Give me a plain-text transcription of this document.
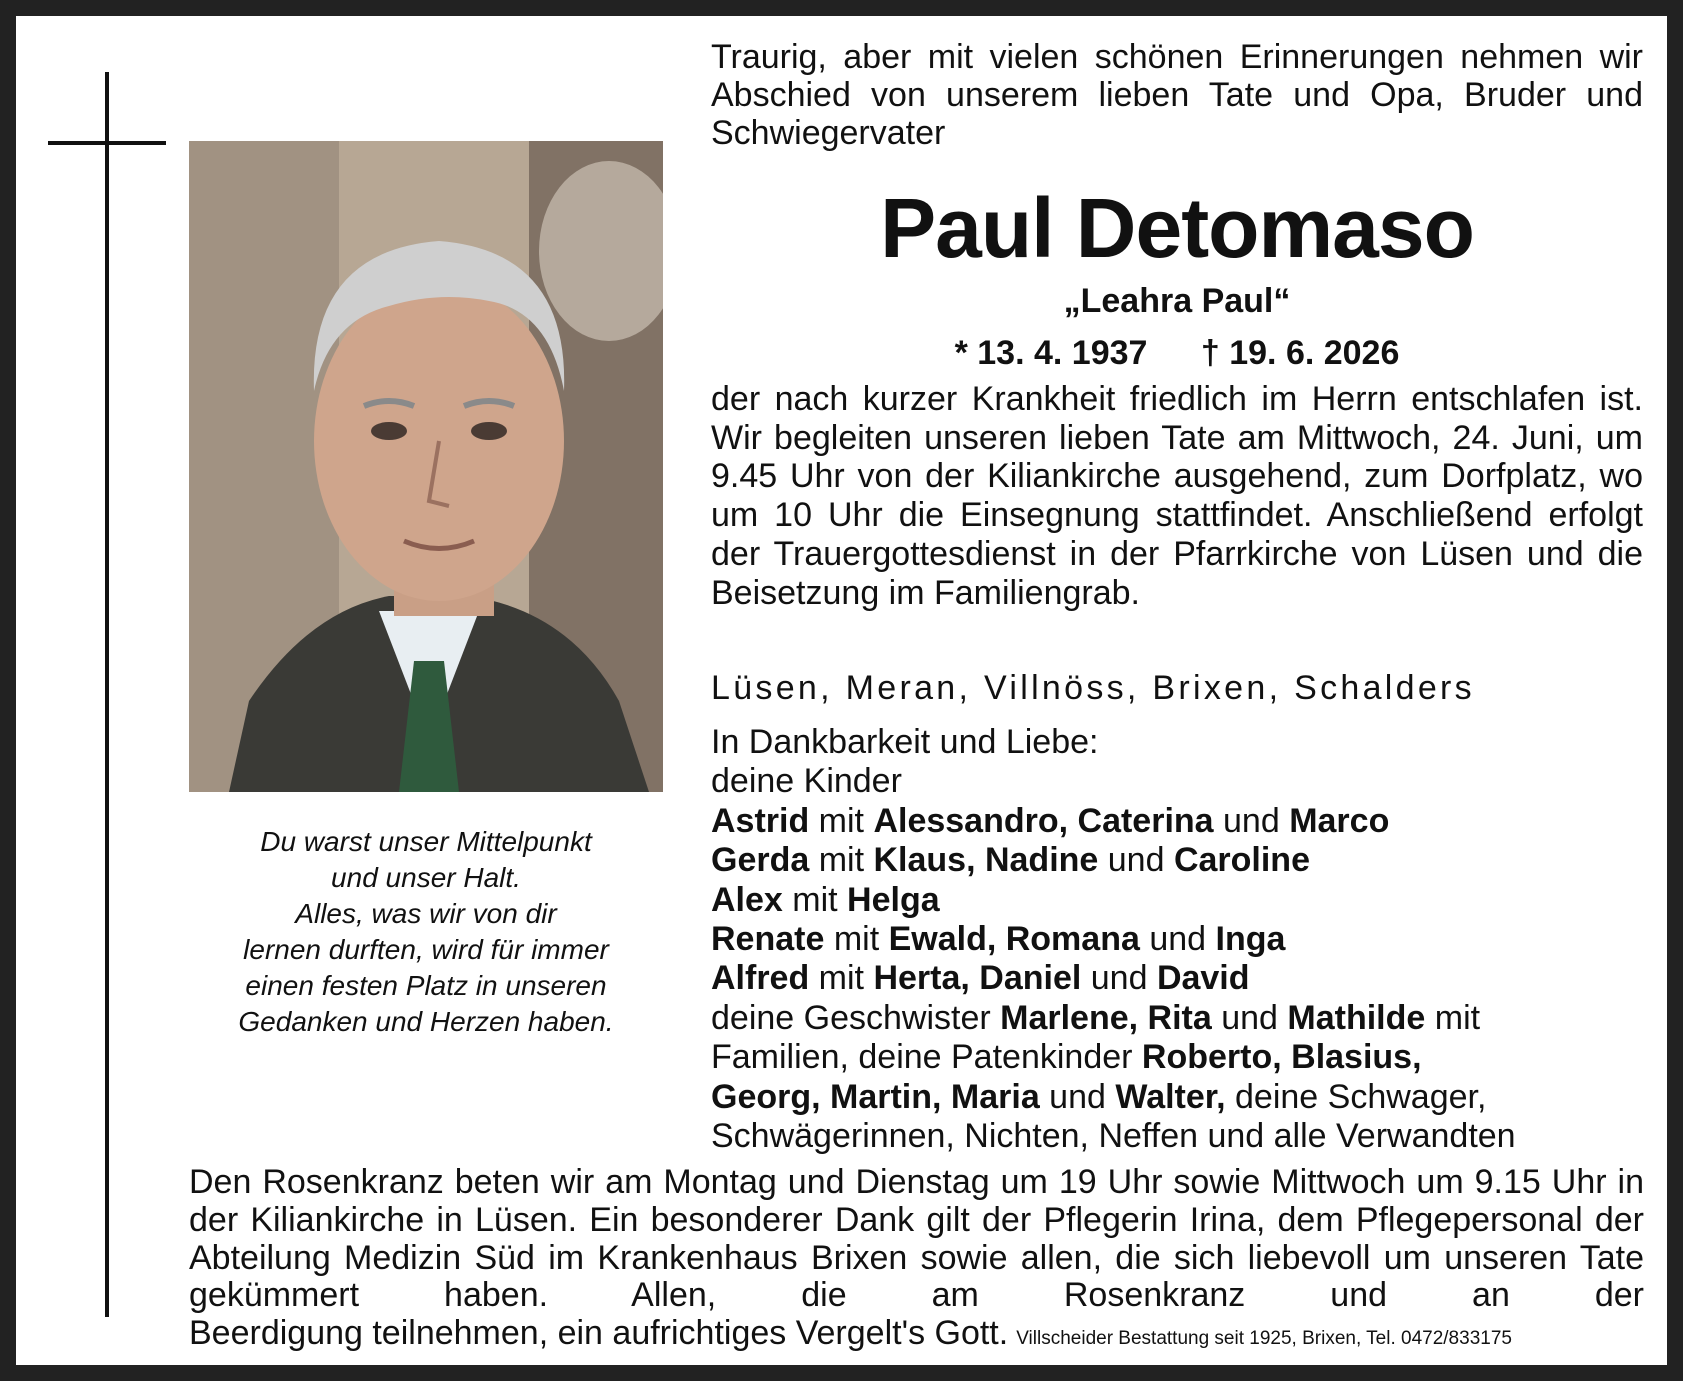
Du warst unser Mittelpunkt
und unser Halt.
Alles, was wir von dir
lernen durften, wird für immer
einen festen Platz in unseren
Gedanken und Herzen haben.
Traurig, aber mit vielen schönen Erinnerungen nehmen wir Abschied von unserem lieben Tate und Opa, Bruder und Schwiegervater
Paul Detomaso
„Leahra Paul“
* 13. 4. 1937 † 19. 6. 2026
der nach kurzer Krankheit friedlich im Herrn entschlafen ist. Wir begleiten unseren lieben Tate am Mittwoch, 24. Juni, um 9.45 Uhr von der Kiliankirche ausgehend, zum Dorfplatz, wo um 10 Uhr die Einsegnung stattfindet. Anschließend erfolgt der Trauergottesdienst in der Pfarrkirche von Lüsen und die Beisetzung im Familiengrab.
Lüsen, Meran, Villnöss, Brixen, Schalders
In Dankbarkeit und Liebe:
deine Kinder
Astrid mit Alessandro, Caterina und Marco
Gerda mit Klaus, Nadine und Caroline
Alex mit Helga
Renate mit Ewald, Romana und Inga
Alfred mit Herta, Daniel und David
deine Geschwister Marlene, Rita und Mathilde mit
Familien, deine Patenkinder Roberto, Blasius,
Georg, Martin, Maria und Walter, deine Schwager,
Schwägerinnen, Nichten, Neffen und alle Verwandten
Den Rosenkranz beten wir am Montag und Dienstag um 19 Uhr sowie Mittwoch um 9.15 Uhr in der Kiliankirche in Lüsen. Ein besonderer Dank gilt der Pflegerin Irina, dem Pflegepersonal der Abteilung Medizin Süd im Krankenhaus Brixen sowie allen, die sich liebevoll um unseren Tate gekümmert haben. Allen, die am Rosenkranz und an der
Beerdigung teilnehmen, ein aufrichtiges Vergelt's Gott. Villscheider Bestattung seit 1925, Brixen, Tel. 0472/833175
